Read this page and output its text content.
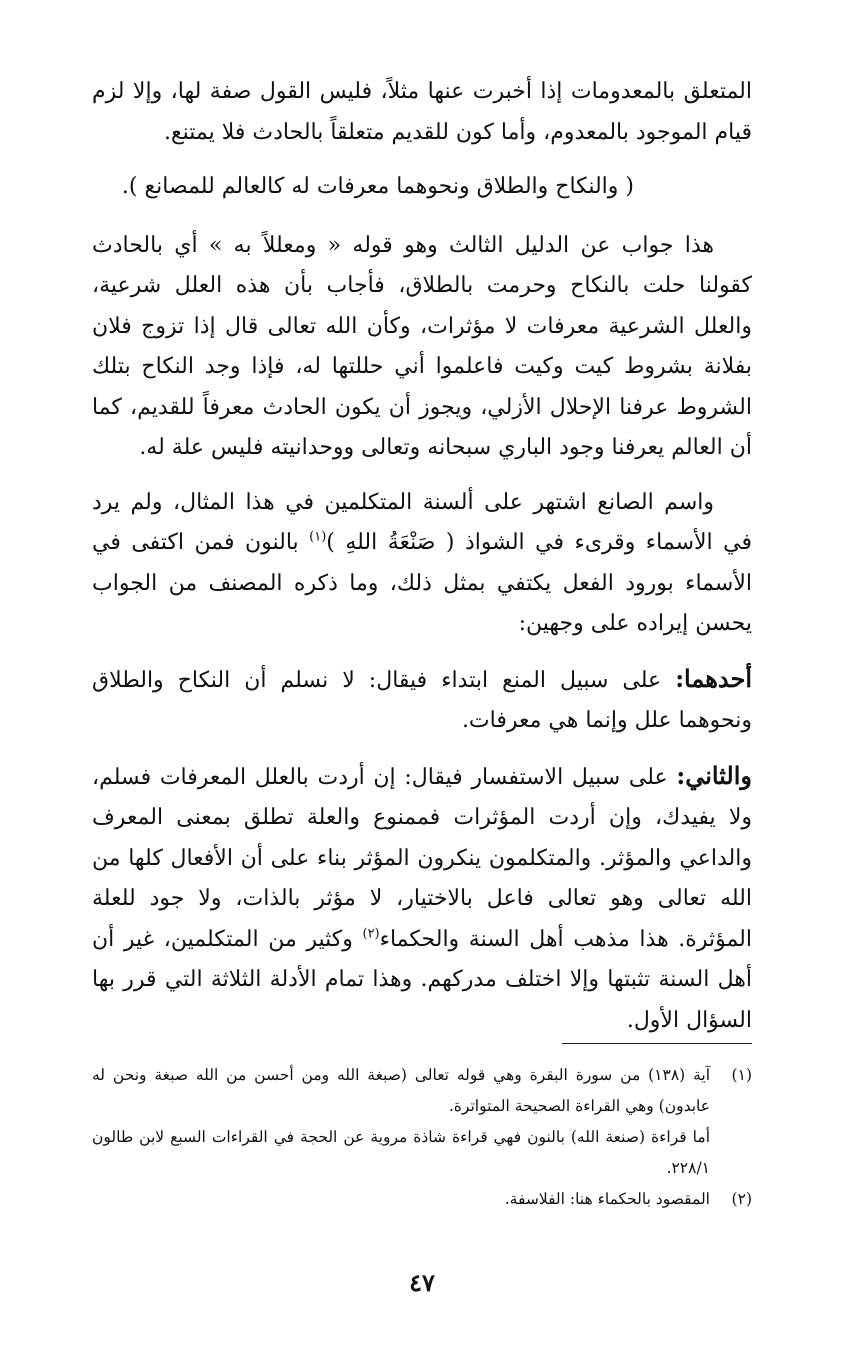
المتعلق بالمعدومات إذا أخبرت عنها مثلاً، فليس القول صفة لها، وإلا لزم قيام الموجود بالمعدوم، وأما كون للقديم متعلقاً بالحادث فلا يمتنع.

( والنكاح والطلاق ونحوهما معرفات له كالعالم للمصانع ).

هذا جواب عن الدليل الثالث وهو قوله « ومعللاً به » أي بالحادث كقولنا حلت بالنكاح وحرمت بالطلاق، فأجاب بأن هذه العلل شرعية، والعلل الشرعية معرفات لا مؤثرات، وكأن الله تعالى قال إذا تزوج فلان بفلانة بشروط كيت وكيت فاعلموا أني حللتها له، فإذا وجد النكاح بتلك الشروط عرفنا الإحلال الأزلي، ويجوز أن يكون الحادث معرفاً للقديم، كما أن العالم يعرفنا وجود الباري سبحانه وتعالى ووحدانيته فليس علة له.

واسم الصانع اشتهر على ألسنة المتكلمين في هذا المثال، ولم يرد في الأسماء وقرىء في الشواذ ( صَنْعَةُ اللهِ )$^{(١)}$ بالنون فمن اكتفى في الأسماء بورود الفعل يكتفي بمثل ذلك، وما ذكره المصنف من الجواب يحسن إيراده على وجهين:

أحدهما: على سبيل المنع ابتداء فيقال: لا نسلم أن النكاح والطلاق ونحوهما علل وإنما هي معرفات.

والثاني: على سبيل الاستفسار فيقال: إن أردت بالعلل المعرفات فسلم، ولا يفيدك، وإن أردت المؤثرات فممنوع والعلة تطلق بمعنى المعرف والداعي والمؤثر. والمتكلمون ينكرون المؤثر بناء على أن الأفعال كلها من الله تعالى وهو تعالى فاعل بالاختيار، لا مؤثر بالذات، ولا جود للعلة المؤثرة. هذا مذهب أهل السنة والحكماء$^{(٢)}$ وكثير من المتكلمين، غير أن أهل السنة تثبتها وإلا اختلف مدركهم. وهذا تمام الأدلة الثلاثة التي قرر بها السؤال الأول.

(١)
آية (١٣٨) من سورة البقرة وهي قوله تعالى (صبغة الله ومن أحسن من الله صبغة ونحن له عابدون) وهي القراءة الصحيحة المتواترة.

أما قراءة (صنعة الله) بالنون فهي قراءة شاذة مروية عن الحجة في القراءات السبع لابن طالون ٢٢٨/١.

(٢)
المقصود بالحكماء هنا: الفلاسفة.
٤٧
